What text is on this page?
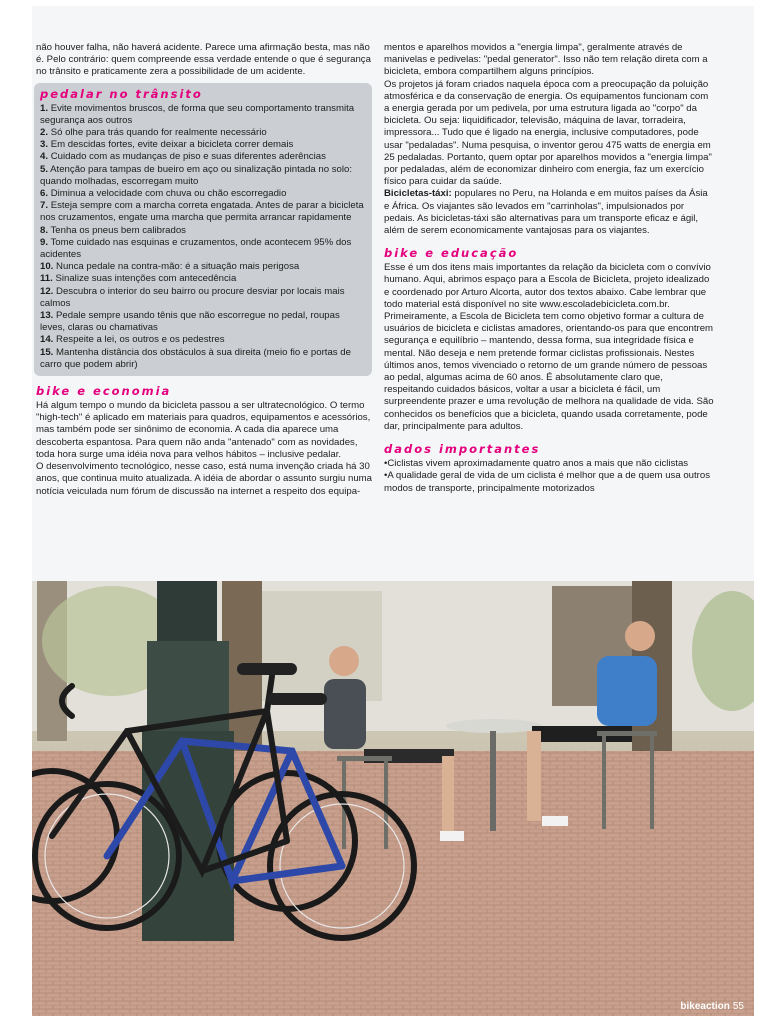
não houver falha, não haverá acidente. Parece uma afirmação besta, mas não é. Pelo contrário: quem compreende essa verdade entende o que é segurança no trânsito e praticamente zera a possibilidade de um acidente.

pedalar no trânsito
1. Evite movimentos bruscos, de forma que seu comportamento transmita segurança aos outros
2. Só olhe para trás quando for realmente necessário
3. Em descidas fortes, evite deixar a bicicleta correr demais
4. Cuidado com as mudanças de piso e suas diferentes aderências
5. Atenção para tampas de bueiro em aço ou sinalização pintada no solo: quando molhadas, escorregam muito
6. Diminua a velocidade com chuva ou chão escorregadio
7. Esteja sempre com a marcha correta engatada. Antes de parar a bicicleta nos cruzamentos, engate uma marcha que permita arrancar rapidamente
8. Tenha os pneus bem calibrados
9. Tome cuidado nas esquinas e cruzamentos, onde acontecem 95% dos acidentes
10. Nunca pedale na contra-mão: é a situação mais perigosa
11. Sinalize suas intenções com antecedência
12. Descubra o interior do seu bairro ou procure desviar por locais mais calmos
13. Pedale sempre usando tênis que não escorregue no pedal, roupas leves, claras ou chamativas
14. Respeite a lei, os outros e os pedestres
15. Mantenha distância dos obstáculos à sua direita (meio fio e portas de carro que podem abrir)
bike e economia

Há algum tempo o mundo da bicicleta passou a ser ultratecnológico. O termo "high-tech" é aplicado em materiais para quadros, equipamentos e acessórios, mas também pode ser sinônimo de economia. A cada dia aparece uma descoberta espantosa. Para quem não anda "antenado" com as novidades, toda hora surge uma idéia nova para velhos hábitos – inclusive pedalar.

O desenvolvimento tecnológico, nesse caso, está numa invenção criada há 30 anos, que continua muito atualizada. A idéia de abordar o assunto surgiu numa notícia veiculada num fórum de discussão na internet a respeito dos equipa-

mentos e aparelhos movidos a "energia limpa", geralmente através de manivelas e pedivelas: "pedal generator". Isso não tem relação direta com a bicicleta, embora compartilhem alguns princípios.

Os projetos já foram criados naquela época com a preocupação da poluição atmosférica e da conservação de energia. Os equipamentos funcionam com a energia gerada por um pedivela, por uma estrutura ligada ao "corpo" da bicicleta. Ou seja: liquidificador, televisão, máquina de lavar, torradeira, impressora... Tudo que é ligado na energia, inclusive computadores, pode usar "pedaladas". Numa pesquisa, o inventor gerou 475 watts de energia em 25 pedaladas. Portanto, quem optar por aparelhos movidos a "energia limpa" por pedaladas, além de economizar dinheiro com energia, faz um exercício físico para cuidar da saúde.

Bicicletas-táxi: populares no Peru, na Holanda e em muitos países da Ásia e África. Os viajantes são levados em "carrinholas", impulsionados por pedais. As bicicletas-táxi são alternativas para um transporte eficaz e ágil, além de serem economicamente vantajosas para os viajantes.

bike e educação

Esse é um dos itens mais importantes da relação da bicicleta com o convívio humano. Aqui, abrimos espaço para a Escola de Bicicleta, projeto idealizado e coordenado por Arturo Alcorta, autor dos textos abaixo. Cabe lembrar que todo material está disponível no site www.escoladebicicleta.com.br.

Primeiramente, a Escola de Bicicleta tem como objetivo formar a cultura de usuários de bicicleta e ciclistas amadores, orientando-os para que encontrem segurança e equilíbrio – mantendo, dessa forma, sua integridade física e mental. Não deseja e nem pretende formar ciclistas profissionais. Nestes últimos anos, temos vivenciado o retorno de um grande número de pessoas ao pedal, algumas acima de 60 anos. É absolutamente claro que, respeitando cuidados básicos, voltar a usar a bicicleta é fácil, um surpreendente prazer e uma revolução de melhora na qualidade de vida. São conhecidos os benefícios que a bicicleta, quando usada corretamente, pode dar, principalmente para adultos.

dados importantes
•Ciclistas vivem aproximadamente quatro anos a mais que não ciclistas
•A qualidade geral de vida de um ciclista é melhor que a de quem usa outros modos de transporte, principalmente motorizados
bikeaction 55
